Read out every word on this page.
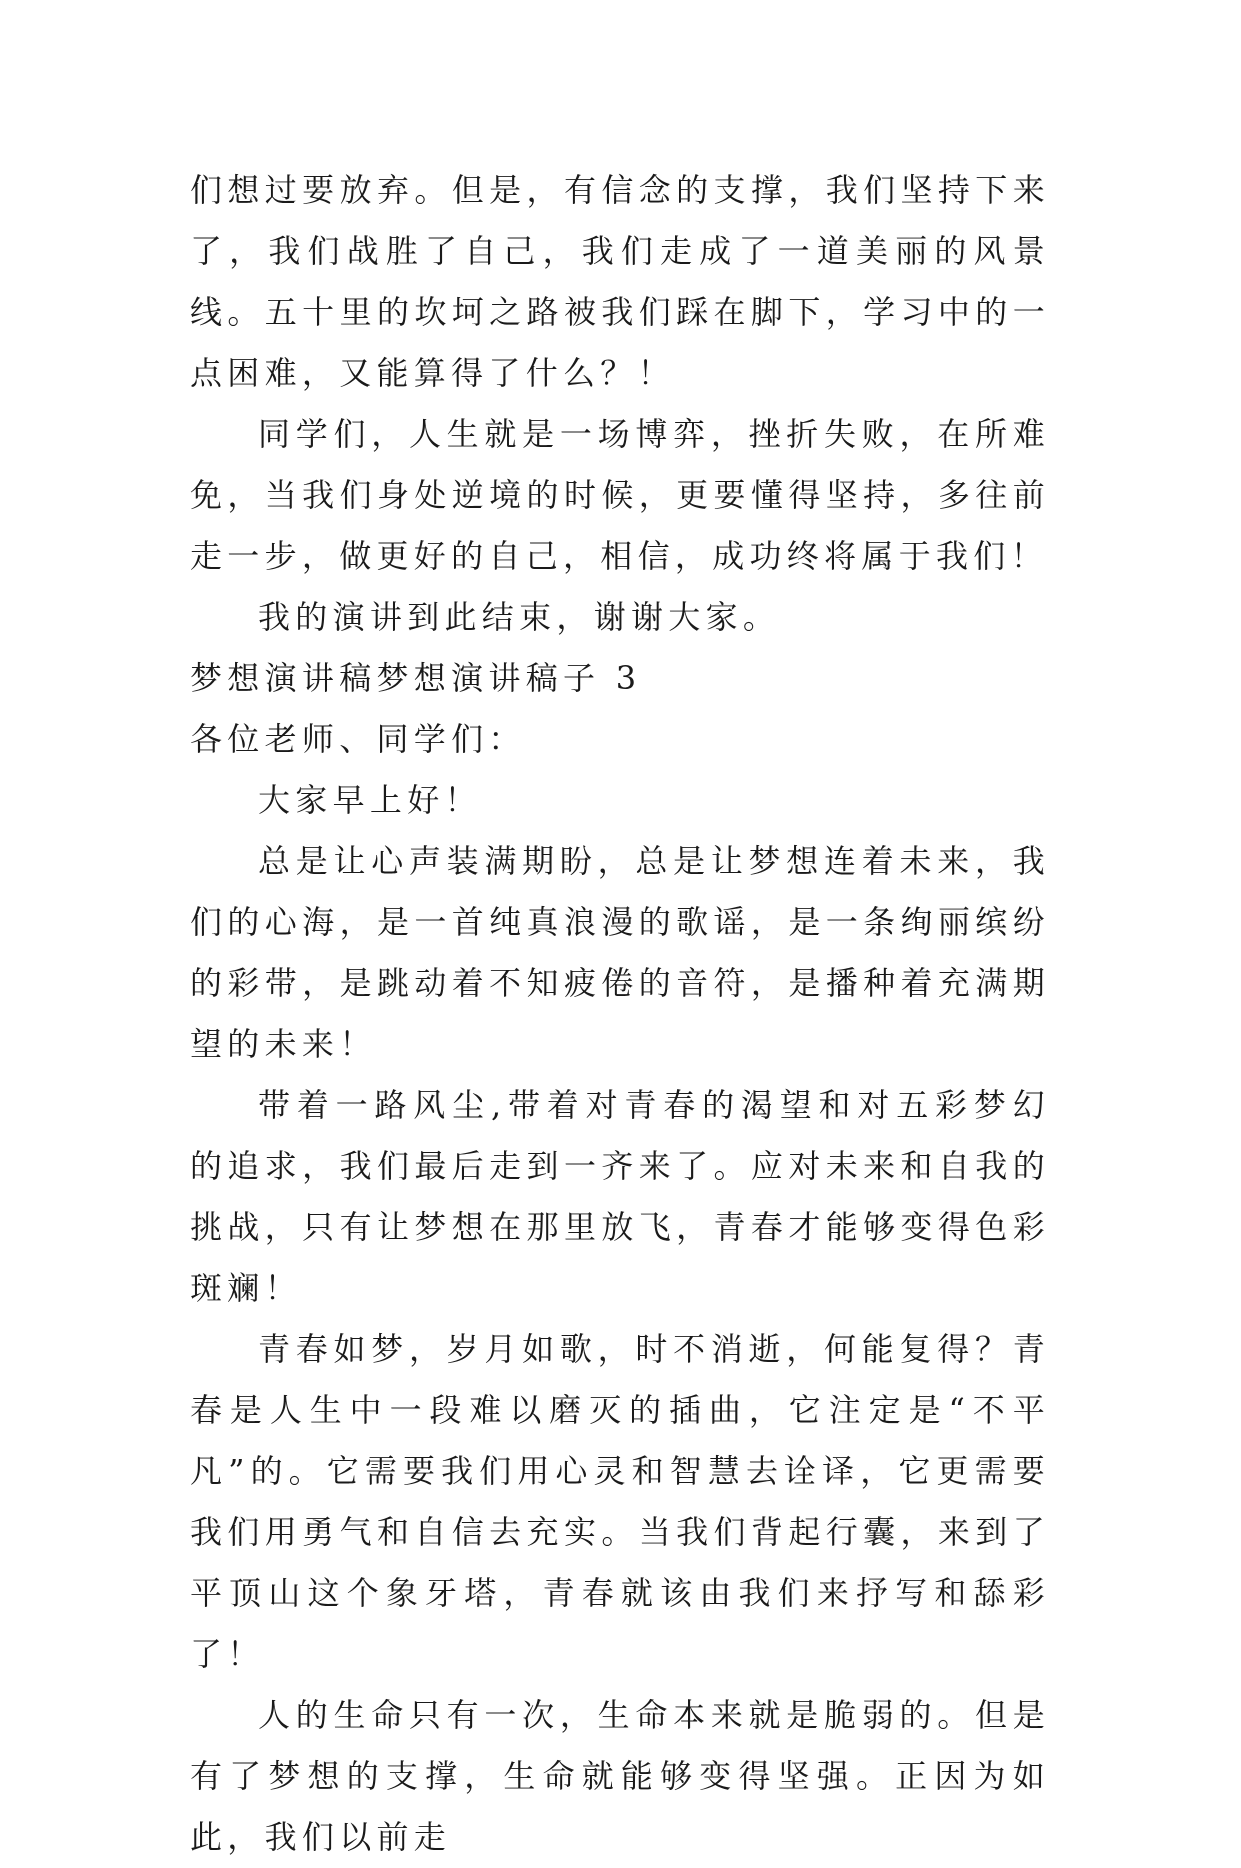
们想过要放弃。但是，有信念的支撑，我们坚持下来了，我们战胜了自己，我们走成了一道美丽的风景线。五十里的坎坷之路被我们踩在脚下，学习中的一点困难，又能算得了什么？！

同学们，人生就是一场博弈，挫折失败，在所难免，当我们身处逆境的时候，更要懂得坚持，多往前走一步，做更好的自己，相信，成功终将属于我们！

我的演讲到此结束，谢谢大家。

梦想演讲稿梦想演讲稿子 3

各位老师、同学们：

大家早上好！

总是让心声装满期盼，总是让梦想连着未来，我们的心海，是一首纯真浪漫的歌谣，是一条绚丽缤纷的彩带，是跳动着不知疲倦的音符，是播种着充满期望的未来！

带着一路风尘,带着对青春的渴望和对五彩梦幻的追求，我们最后走到一齐来了。应对未来和自我的挑战，只有让梦想在那里放飞，青春才能够变得色彩斑斓！

青春如梦，岁月如歌，时不消逝，何能复得？青春是人生中一段难以磨灭的插曲，它注定是“不平凡”的。它需要我们用心灵和智慧去诠译，它更需要我们用勇气和自信去充实。当我们背起行囊，来到了平顶山这个象牙塔，青春就该由我们来抒写和舔彩了！

人的生命只有一次，生命本来就是脆弱的。但是有了梦想的支撑，生命就能够变得坚强。正因为如此，我们以前走
